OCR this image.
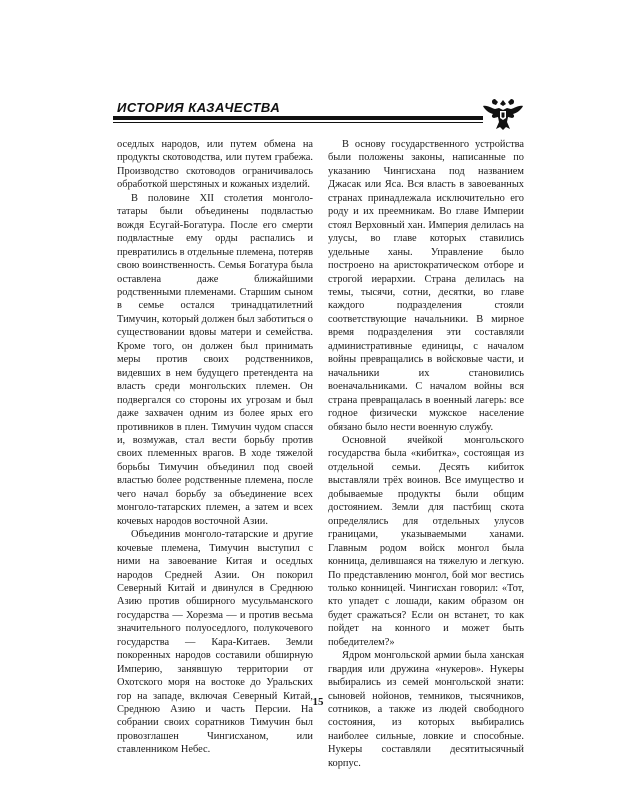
ИСТОРИЯ КАЗАЧЕСТВА

оседлых народов, или путем обмена на продукты скотоводства, или путем грабежа. Производство скотоводов ограничивалось обработкой шерстяных и кожаных изделий.

В половине XII столетия монголо-татары были объединены подвластью вождя Есугай-Богатура. После его смерти подвластные ему орды распались и превратились в отдельные племена, потеряв свою воинственность. Семья Богатура была оставлена даже ближайшими родственными племенами. Старшим сыном в семье остался тринадцатилетний Тимучин, который должен был заботиться о существовании вдовы матери и семейства. Кроме того, он должен был принимать меры против своих родственников, видевших в нем будущего претендента на власть среди монгольских племен. Он подвергался со стороны их угрозам и был даже захвачен одним из более ярых его противников в плен. Тимучин чудом спасся и, возмужав, стал вести борьбу против своих племенных врагов. В ходе тяжелой борьбы Тимучин объединил под своей властью более родственные племена, после чего начал борьбу за объединение всех монголо-татарских племен, а затем и всех кочевых народов восточной Азии.

Объединив монголо-татарские и другие кочевые племена, Тимучин выступил с ними на завоевание Китая и оседлых народов Средней Азии. Он покорил Северный Китай и двинулся в Среднюю Азию против обширного мусульманского государства — Хорезма — и против весьма значительного полуоседлого, полукочевого государства — Кара-Китаев. Земли покоренных народов составили обширную Империю, занявшую территории от Охотского моря на востоке до Уральских гор на западе, включая Северный Китай, Среднюю Азию и часть Персии. На собрании своих соратников Тимучин был провозглашен Чингисханом, или ставленником Небес.

В основу государственного устройства были положены законы, написанные по указанию Чингисхана под названием Джасак или Яса. Вся власть в завоеванных странах принадлежала исключительно его роду и их преемникам. Во главе Империи стоял Верховный хан. Империя делилась на улусы, во главе которых ставились удельные ханы. Управление было построено на аристократическом отборе и строгой иерархии. Страна делилась на темы, тысячи, сотни, десятки, во главе каждого подразделения стояли соответствующие начальники. В мирное время подразделения эти составляли административные единицы, с началом войны превращались в войсковые части, и начальники их становились военачальниками. С началом войны вся страна превращалась в военный лагерь: все годное физически мужское население обязано было нести военную службу.

Основной ячейкой монгольского государства была «кибитка», состоящая из отдельной семьи. Десять кибиток выставляли трёх воинов. Все имущество и добываемые продукты были общим достоянием. Земли для пастбищ скота определялись для отдельных улусов границами, указываемыми ханами. Главным родом войск монгол была конница, делившаяся на тяжелую и легкую. По представлению монгол, бой мог вестись только конницей. Чингисхан говорил: «Тот, кто упадет с лошади, каким образом он будет сражаться? Если он встанет, то как пойдет на конного и может быть победителем?»

Ядром монгольской армии была ханская гвардия или дружина «нукеров». Нукеры выбирались из семей монгольской знати: сыновей нойонов, темников, тысячников, сотников, а также из людей свободного состояния, из которых выбирались наиболее сильные, ловкие и способные. Нукеры составляли десятитысячный корпус.

15
